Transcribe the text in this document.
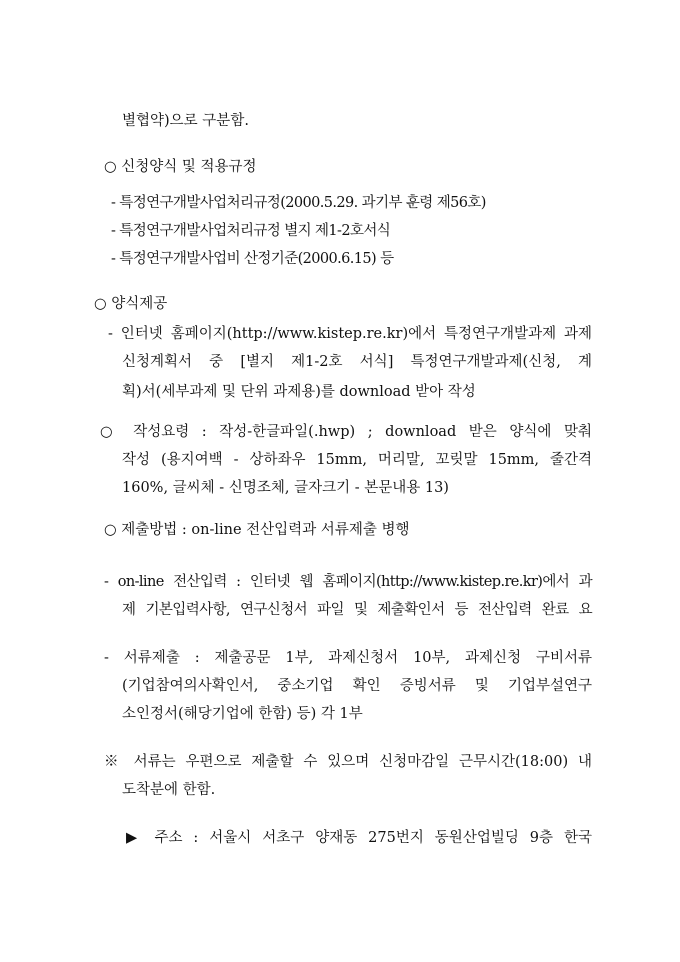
별협약)으로 구분함.
○ 신청양식 및 적용규정
- 특정연구개발사업처리규정(2000.5.29. 과기부 훈령 제56호)
- 특정연구개발사업처리규정 별지 제1-2호서식
- 특정연구개발사업비 산정기준(2000.6.15) 등
○ 양식제공
- 인터넷 홈페이지(http://www.kistep.re.kr)에서 특정연구개발과제 과제
신청계획서 중 [별지 제1-2호 서식] 특정연구개발과제(신청, 계
획)서(세부과제 및 단위 과제용)를 download 받아 작성
○ 작성요령 : 작성-한글파일(.hwp) ; download 받은 양식에 맞춰
작성 (용지여백 - 상하좌우 15mm, 머리말, 꼬릿말 15mm, 줄간격
160%, 글씨체 - 신명조체, 글자크기 - 본문내용 13)
○ 제출방법 : on-line 전산입력과 서류제출 병행
- on-line 전산입력 : 인터넷 웹 홈페이지(http://www.kistep.re.kr)에서 과
제 기본입력사항, 연구신청서 파일 및 제출확인서 등 전산입력 완료 요
- 서류제출 : 제출공문 1부, 과제신청서 10부, 과제신청 구비서류
(기업참여의사확인서, 중소기업 확인 증빙서류 및 기업부설연구
소인정서(해당기업에 한함) 등) 각 1부
※ 서류는 우편으로 제출할 수 있으며 신청마감일 근무시간(18:00) 내
도착분에 한함.
▶ 주소 : 서울시 서초구 양재동 275번지 동원산업빌딩 9층 한국
